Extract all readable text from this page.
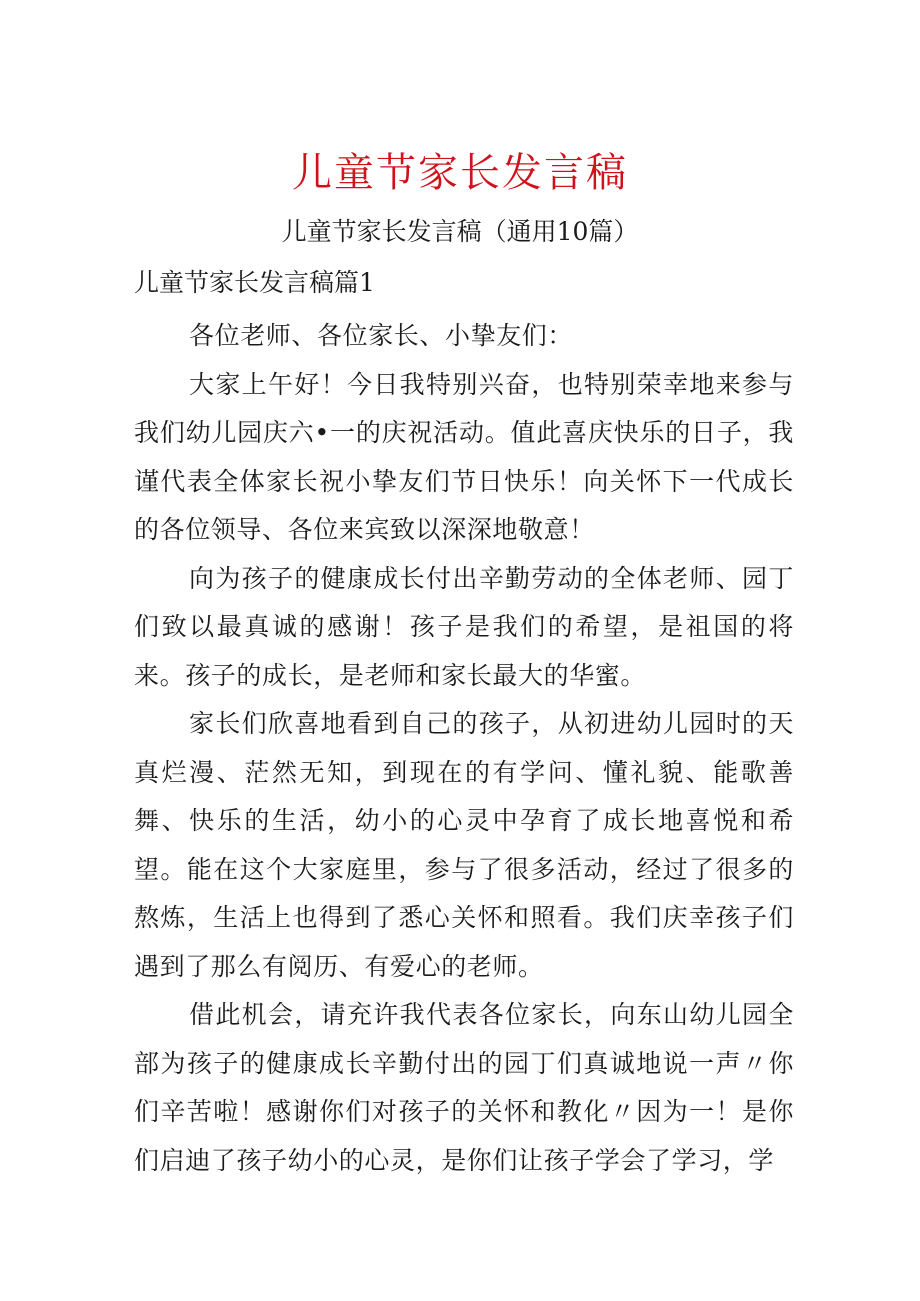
儿童节家长发言稿
儿童节家长发言稿（通用10篇）
儿童节家长发言稿篇1

各位老师、各位家长、小挚友们：

大家上午好！今日我特别兴奋，也特别荣幸地来参与我们幼儿园庆六•一的庆祝活动。值此喜庆快乐的日子，我谨代表全体家长祝小挚友们节日快乐！向关怀下一代成长的各位领导、各位来宾致以深深地敬意！

向为孩子的健康成长付出辛勤劳动的全体老师、园丁们致以最真诚的感谢！孩子是我们的希望，是祖国的将来。孩子的成长，是老师和家长最大的华蜜。

家长们欣喜地看到自己的孩子，从初进幼儿园时的天真烂漫、茫然无知，到现在的有学问、懂礼貌、能歌善舞、快乐的生活，幼小的心灵中孕育了成长地喜悦和希望。能在这个大家庭里，参与了很多活动，经过了很多的熬炼，生活上也得到了悉心关怀和照看。我们庆幸孩子们遇到了那么有阅历、有爱心的老师。

借此机会，请充许我代表各位家长，向东山幼儿园全部为孩子的健康成长辛勤付出的园丁们真诚地说一声〃你们辛苦啦！感谢你们对孩子的关怀和教化〃因为一！是你们启迪了孩子幼小的心灵，是你们让孩子学会了学习，学
